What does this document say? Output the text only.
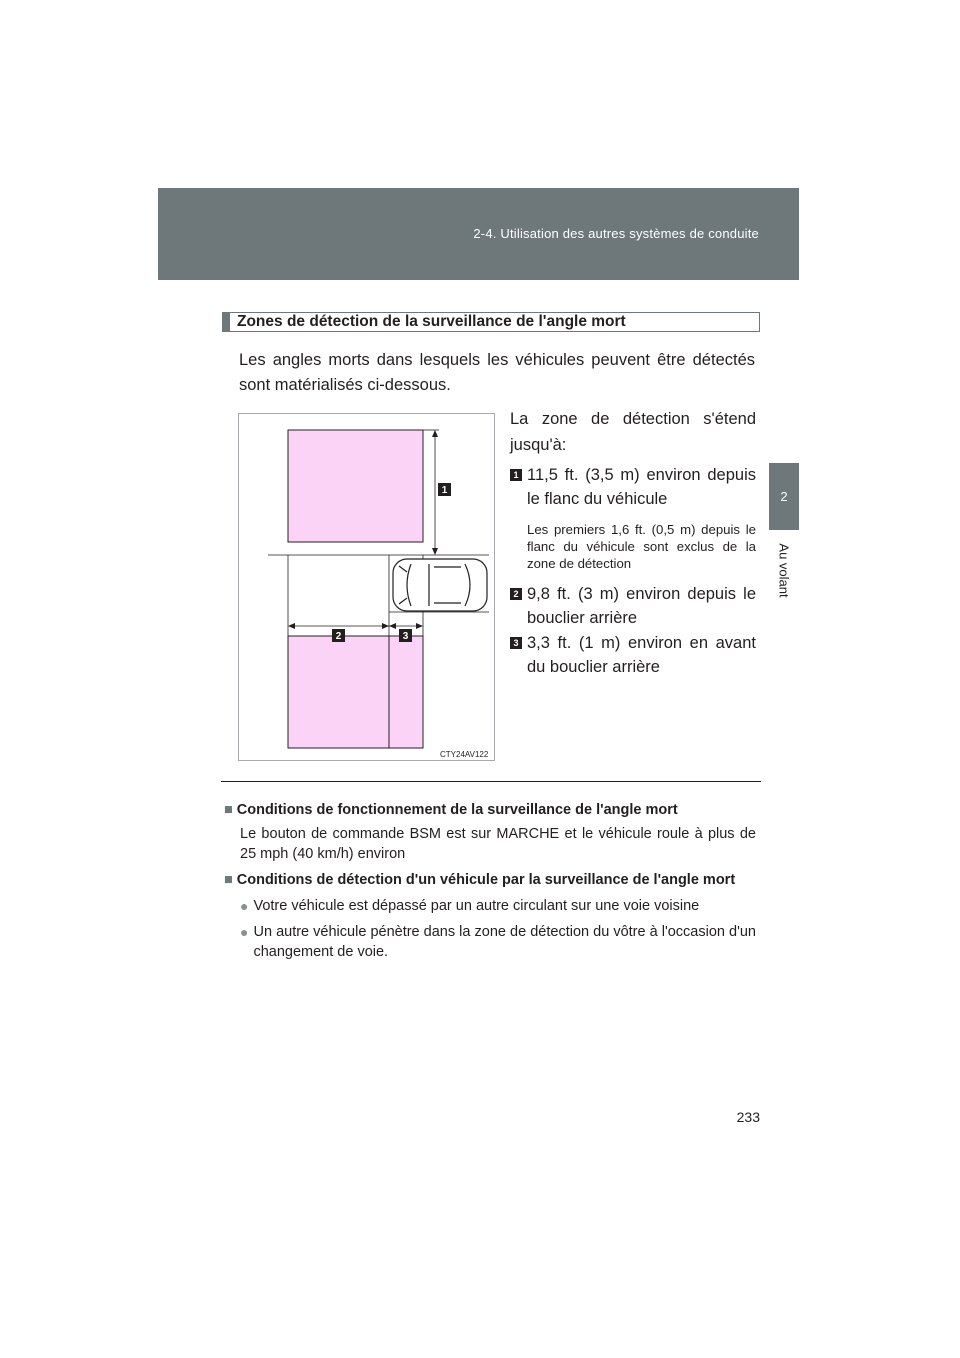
2-4. Utilisation des autres systèmes de conduite
2
Au volant
Zones de détection de la surveillance de l'angle mort
Les angles morts dans lesquels les véhicules peuvent être détectés sont matérialisés ci-dessous.
1
2	3
CTY24AV122
La zone de détection s'étend jusqu'à:
1 11,5 ft. (3,5 m) environ depuis le flanc du véhicule
Les premiers 1,6 ft. (0,5 m) depuis le flanc du véhicule sont exclus de la zone de détection
2 9,8 ft. (3 m) environ depuis le bouclier arrière
3 3,3 ft. (1 m) environ en avant du bouclier arrière
■ Conditions de fonctionnement de la surveillance de l'angle mort
Le bouton de commande BSM est sur MARCHE et le véhicule roule à plus de 25 mph (40 km/h) environ
■ Conditions de détection d'un véhicule par la surveillance de l'angle mort
● Votre véhicule est dépassé par un autre circulant sur une voie voisine
● Un autre véhicule pénètre dans la zone de détection du vôtre à l'occasion d'un changement de voie.
233
